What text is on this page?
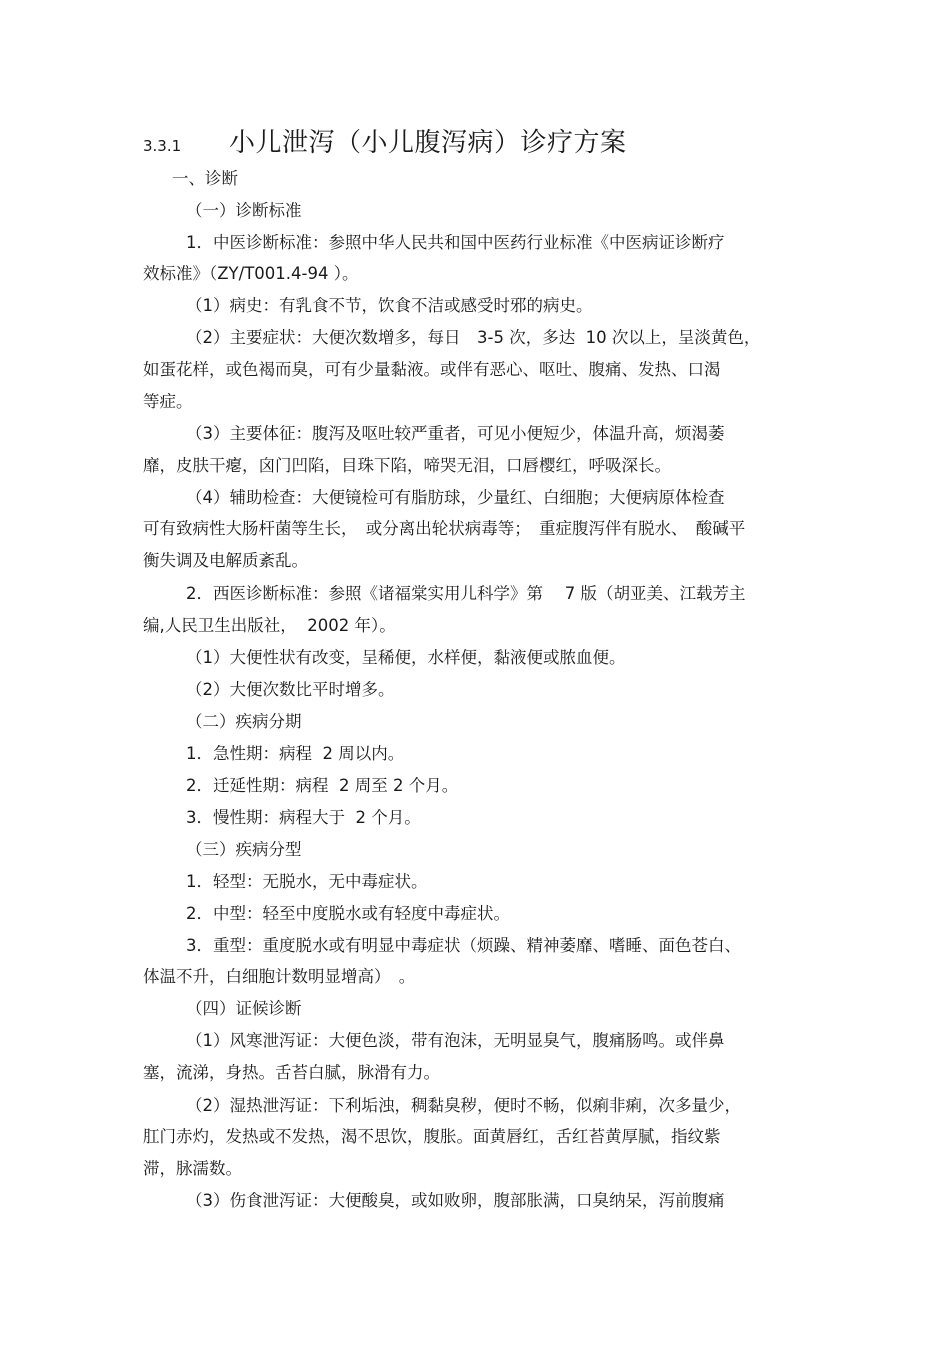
3.3.1	小儿泄泻（小儿腹泻病）诊疗方案
一、诊断
（一）诊断标准
1．中医诊断标准：参照中华人民共和国中医药行业标准《中医病证诊断疗
效标准》（ZY/T001.4-94 ）。
（1）病史：有乳食不节，饮食不洁或感受时邪的病史。
（2）主要症状：大便次数增多，每日　3-5 次，多达  10 次以上，呈淡黄色，
如蛋花样，或色褐而臭，可有少量黏液。或伴有恶心、呕吐、腹痛、发热、口渴
等症。
（3）主要体征：腹泻及呕吐较严重者，可见小便短少，体温升高，烦渴萎
靡，皮肤干瘪，囟门凹陷，目珠下陷，啼哭无泪，口唇樱红，呼吸深长。
（4）辅助检查：大便镜检可有脂肪球，少量红、白细胞；大便病原体检查
可有致病性大肠杆菌等生长，　或分离出轮状病毒等；　重症腹泻伴有脱水、　酸碱平
衡失调及电解质紊乱。
2．西医诊断标准：参照《诸福棠实用儿科学》第　 7 版（胡亚美、江载芳主
编,人民卫生出版社，  2002 年）。
（1）大便性状有改变，呈稀便，水样便，黏液便或脓血便。
（2）大便次数比平时增多。
（二）疾病分期
1．急性期：病程  2 周以内。
2．迁延性期：病程  2 周至 2 个月。
3．慢性期：病程大于  2 个月。
（三）疾病分型
1．轻型：无脱水，无中毒症状。
2．中型：轻至中度脱水或有轻度中毒症状。
3．重型：重度脱水或有明显中毒症状（烦躁、精神萎靡、嗜睡、面色苍白、
体温不升，白细胞计数明显增高）　。
（四）证候诊断
（1）风寒泄泻证：大便色淡，带有泡沫，无明显臭气，腹痛肠鸣。或伴鼻
塞，流涕，身热。舌苔白腻，脉滑有力。
（2）湿热泄泻证：下利垢浊，稠黏臭秽，便时不畅，似痢非痢，次多量少，
肛门赤灼，发热或不发热，渴不思饮，腹胀。面黄唇红，舌红苔黄厚腻，指纹紫
滞，脉濡数。
（3）伤食泄泻证：大便酸臭，或如败卵，腹部胀满，口臭纳呆，泻前腹痛
